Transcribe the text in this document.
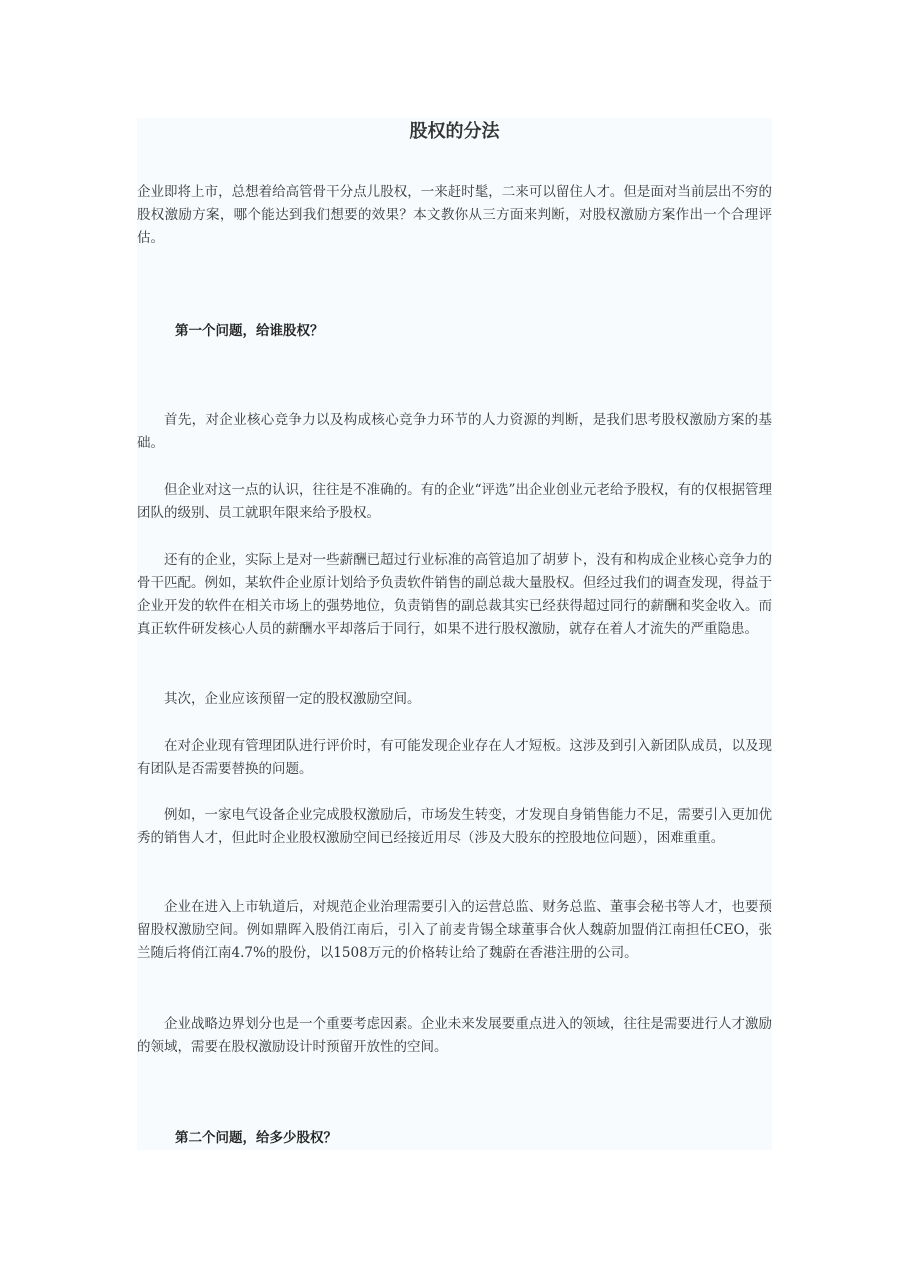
股权的分法

企业即将上市，总想着给高管骨干分点儿股权，一来赶时髦，二来可以留住人才。但是面对当前层出不穷的股权激励方案，哪个能达到我们想要的效果？本文教你从三方面来判断，对股权激励方案作出一个合理评估。

第一个问题，给谁股权？

首先，对企业核心竞争力以及构成核心竞争力环节的人力资源的判断，是我们思考股权激励方案的基础。

但企业对这一点的认识，往往是不准确的。有的企业“评选”出企业创业元老给予股权，有的仅根据管理团队的级别、员工就职年限来给予股权。

还有的企业，实际上是对一些薪酬已超过行业标准的高管追加了胡萝卜，没有和构成企业核心竞争力的骨干匹配。例如，某软件企业原计划给予负责软件销售的副总裁大量股权。但经过我们的调查发现，得益于企业开发的软件在相关市场上的强势地位，负责销售的副总裁其实已经获得超过同行的薪酬和奖金收入。而真正软件研发核心人员的薪酬水平却落后于同行，如果不进行股权激励，就存在着人才流失的严重隐患。

其次，企业应该预留一定的股权激励空间。

在对企业现有管理团队进行评价时，有可能发现企业存在人才短板。这涉及到引入新团队成员，以及现有团队是否需要替换的问题。

例如，一家电气设备企业完成股权激励后，市场发生转变，才发现自身销售能力不足，需要引入更加优秀的销售人才，但此时企业股权激励空间已经接近用尽（涉及大股东的控股地位问题），困难重重。

企业在进入上市轨道后，对规范企业治理需要引入的运营总监、财务总监、董事会秘书等人才，也要预留股权激励空间。例如鼎晖入股俏江南后，引入了前麦肯锡全球董事合伙人魏蔚加盟俏江南担任CEO，张兰随后将俏江南4.7%的股份，以1508万元的价格转让给了魏蔚在香港注册的公司。

企业战略边界划分也是一个重要考虑因素。企业未来发展要重点进入的领域，往往是需要进行人才激励的领域，需要在股权激励设计时预留开放性的空间。

第二个问题，给多少股权？
